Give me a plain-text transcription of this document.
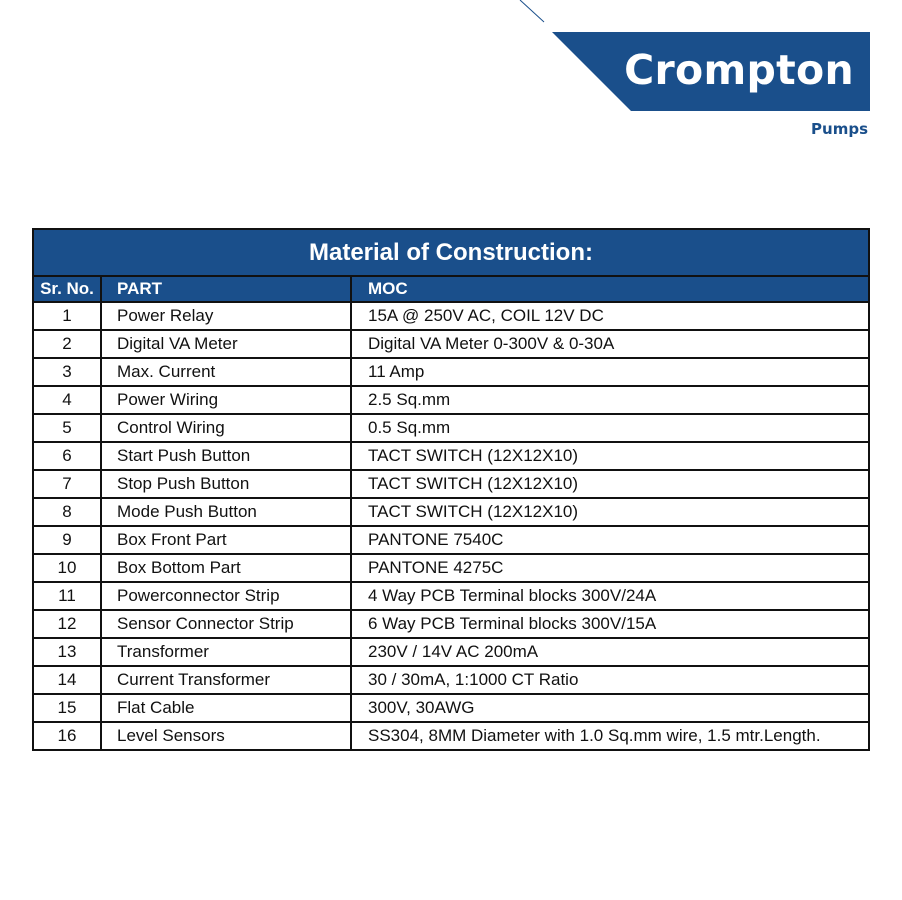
Crompton
Pumps
Material of Construction:		
Sr. No.	PART	MOC
1	Power Relay	15A @ 250V AC, COIL 12V DC
2	Digital VA Meter	Digital VA Meter 0-300V & 0-30A
3	Max. Current	11 Amp
4	Power Wiring	2.5 Sq.mm
5	Control Wiring	0.5 Sq.mm
6	Start Push Button	TACT SWITCH (12X12X10)
7	Stop Push Button	TACT SWITCH (12X12X10)
8	Mode Push Button	TACT SWITCH (12X12X10)
9	Box Front Part	PANTONE 7540C
10	Box Bottom Part	PANTONE 4275C
11	Powerconnector Strip	4 Way PCB Terminal blocks 300V/24A
12	Sensor Connector Strip	6 Way PCB Terminal blocks 300V/15A
13	Transformer	230V / 14V AC 200mA
14	Current Transformer	30 / 30mA, 1:1000 CT Ratio
15	Flat Cable	300V, 30AWG
16	Level Sensors	SS304, 8MM Diameter with 1.0 Sq.mm wire, 1.5 mtr.Length.
